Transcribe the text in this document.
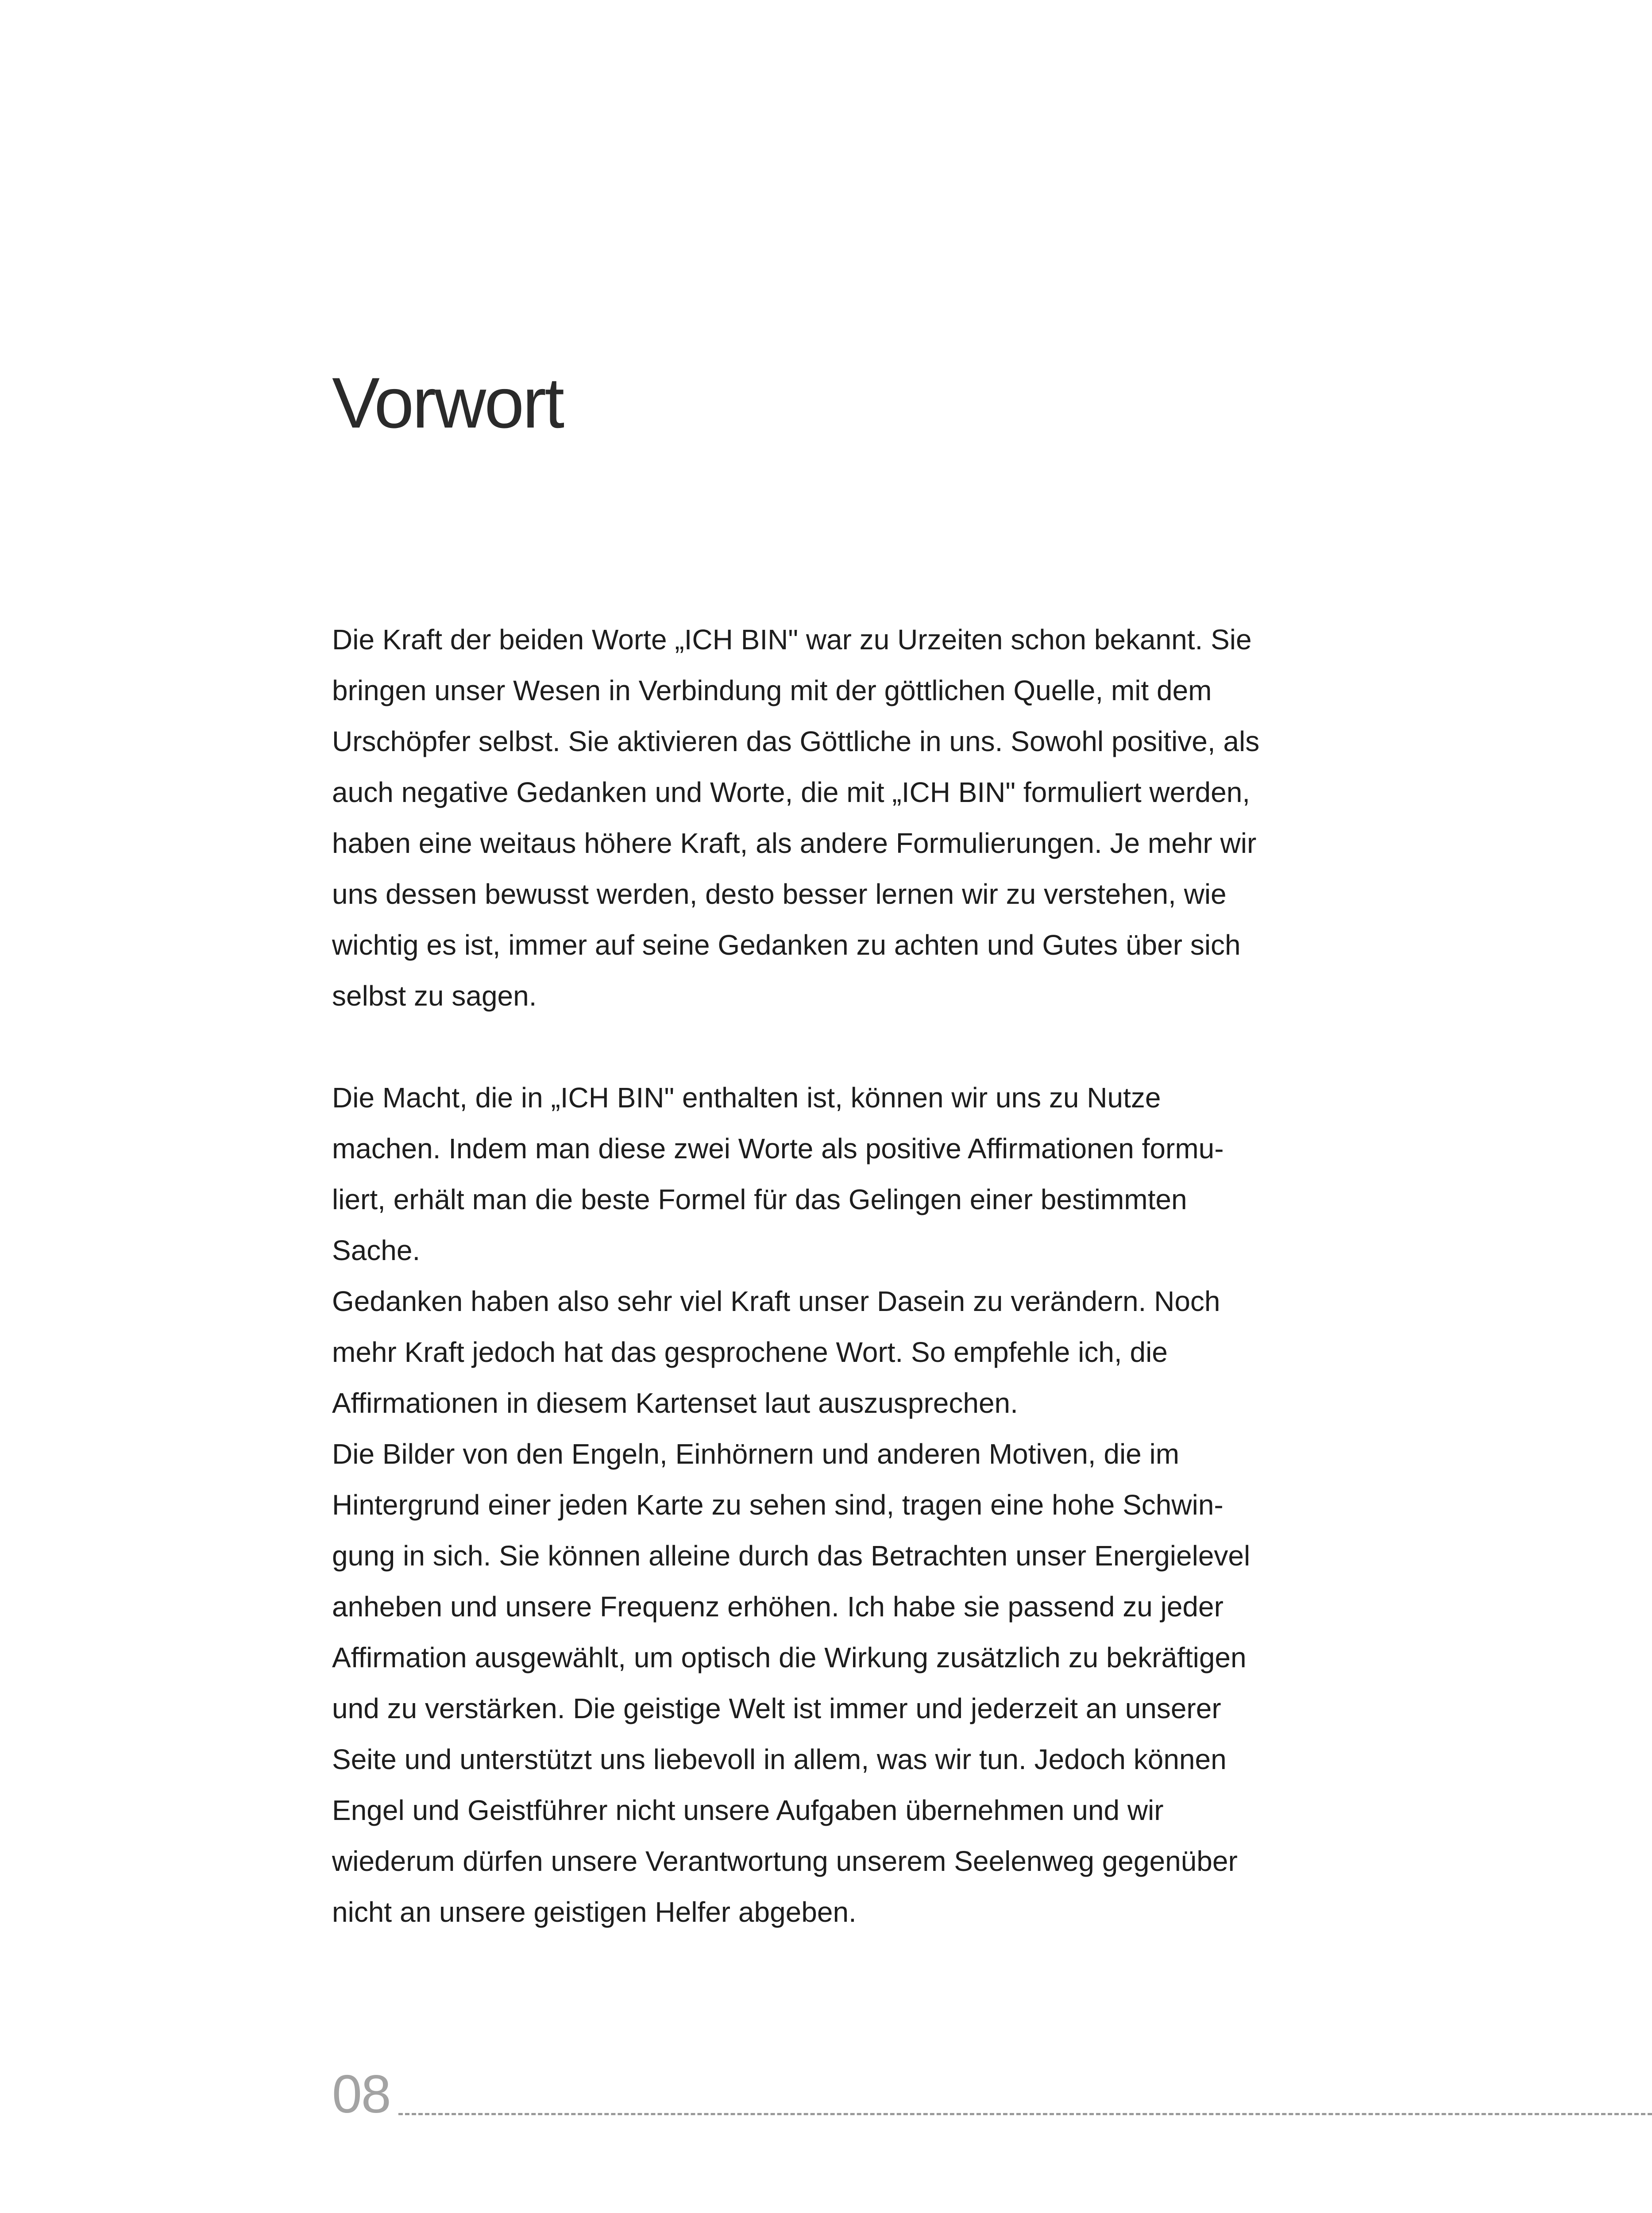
Vorwort

Die Kraft der beiden Worte „ICH BIN" war zu Urzeiten schon bekannt. Sie
bringen unser Wesen in Verbindung mit der göttlichen Quelle, mit dem
Urschöpfer selbst. Sie aktivieren das Göttliche in uns. Sowohl positive, als
auch negative Gedanken und Worte, die mit „ICH BIN" formuliert werden,
haben eine weitaus höhere Kraft, als andere Formulierungen. Je mehr wir
uns dessen bewusst werden, desto besser lernen wir zu verstehen, wie
wichtig es ist, immer auf seine Gedanken zu achten und Gutes über sich
selbst zu sagen.

Die Macht, die in „ICH BIN" enthalten ist, können wir uns zu Nutze
machen. Indem man diese zwei Worte als positive Affirmationen formu-
liert, erhält man die beste Formel für das Gelingen einer bestimmten
Sache.

Gedanken haben also sehr viel Kraft unser Dasein zu verändern. Noch
mehr Kraft jedoch hat das gesprochene Wort. So empfehle ich, die
Affirmationen in diesem Kartenset laut auszusprechen.

Die Bilder von den Engeln, Einhörnern und anderen Motiven, die im
Hintergrund einer jeden Karte zu sehen sind, tragen eine hohe Schwin-
gung in sich. Sie können alleine durch das Betrachten unser Energielevel
anheben und unsere Frequenz erhöhen. Ich habe sie passend zu jeder
Affirmation ausgewählt, um optisch die Wirkung zusätzlich zu bekräftigen
und zu verstärken. Die geistige Welt ist immer und jederzeit an unserer
Seite und unterstützt uns liebevoll in allem, was wir tun. Jedoch können
Engel und Geistführer nicht unsere Aufgaben übernehmen und wir
wiederum dürfen unsere Verantwortung unserem Seelenweg gegenüber
nicht an unsere geistigen Helfer abgeben.

08
